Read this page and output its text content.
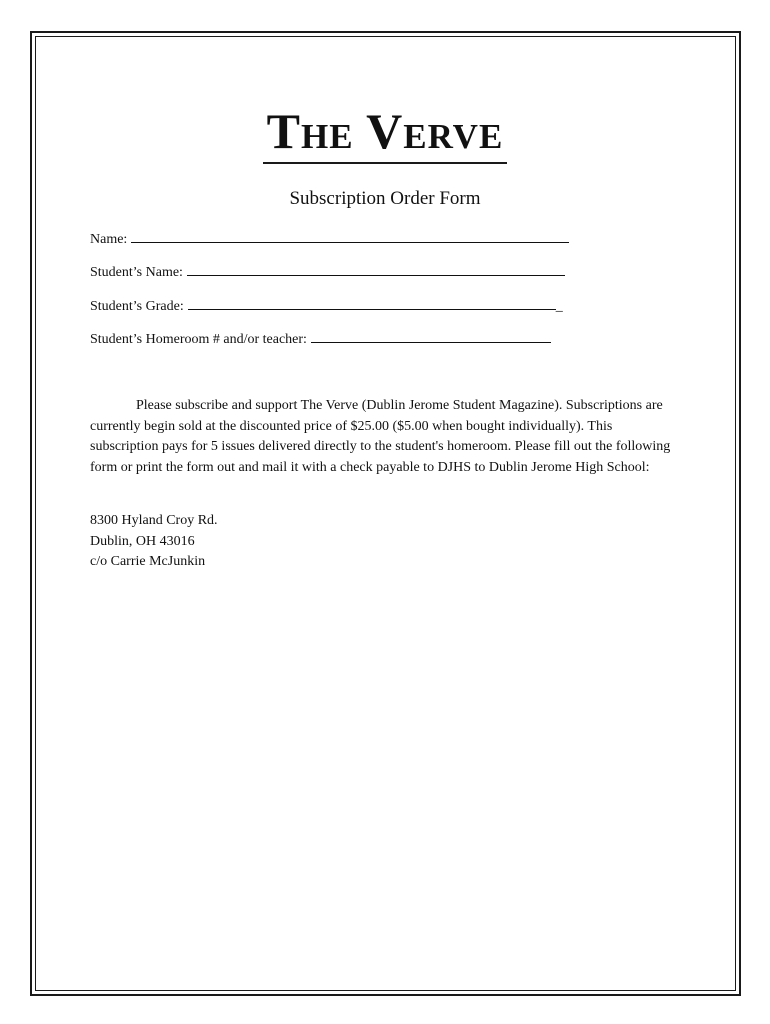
The Verve
Subscription Order Form
Name:
Student’s Name:
Student’s Grade:	_
Student’s Homeroom # and/or teacher:

Please subscribe and support The Verve (Dublin Jerome Student Magazine). Subscriptions are currently begin sold at the discounted price of $25.00 ($5.00 when bought individually). This subscription pays for 5 issues delivered directly to the student's homeroom. Please fill out the following form or print the form out and mail it with a check payable to DJHS to Dublin Jerome High School:

8300 Hyland Croy Rd.
Dublin, OH 43016
c/o Carrie McJunkin
